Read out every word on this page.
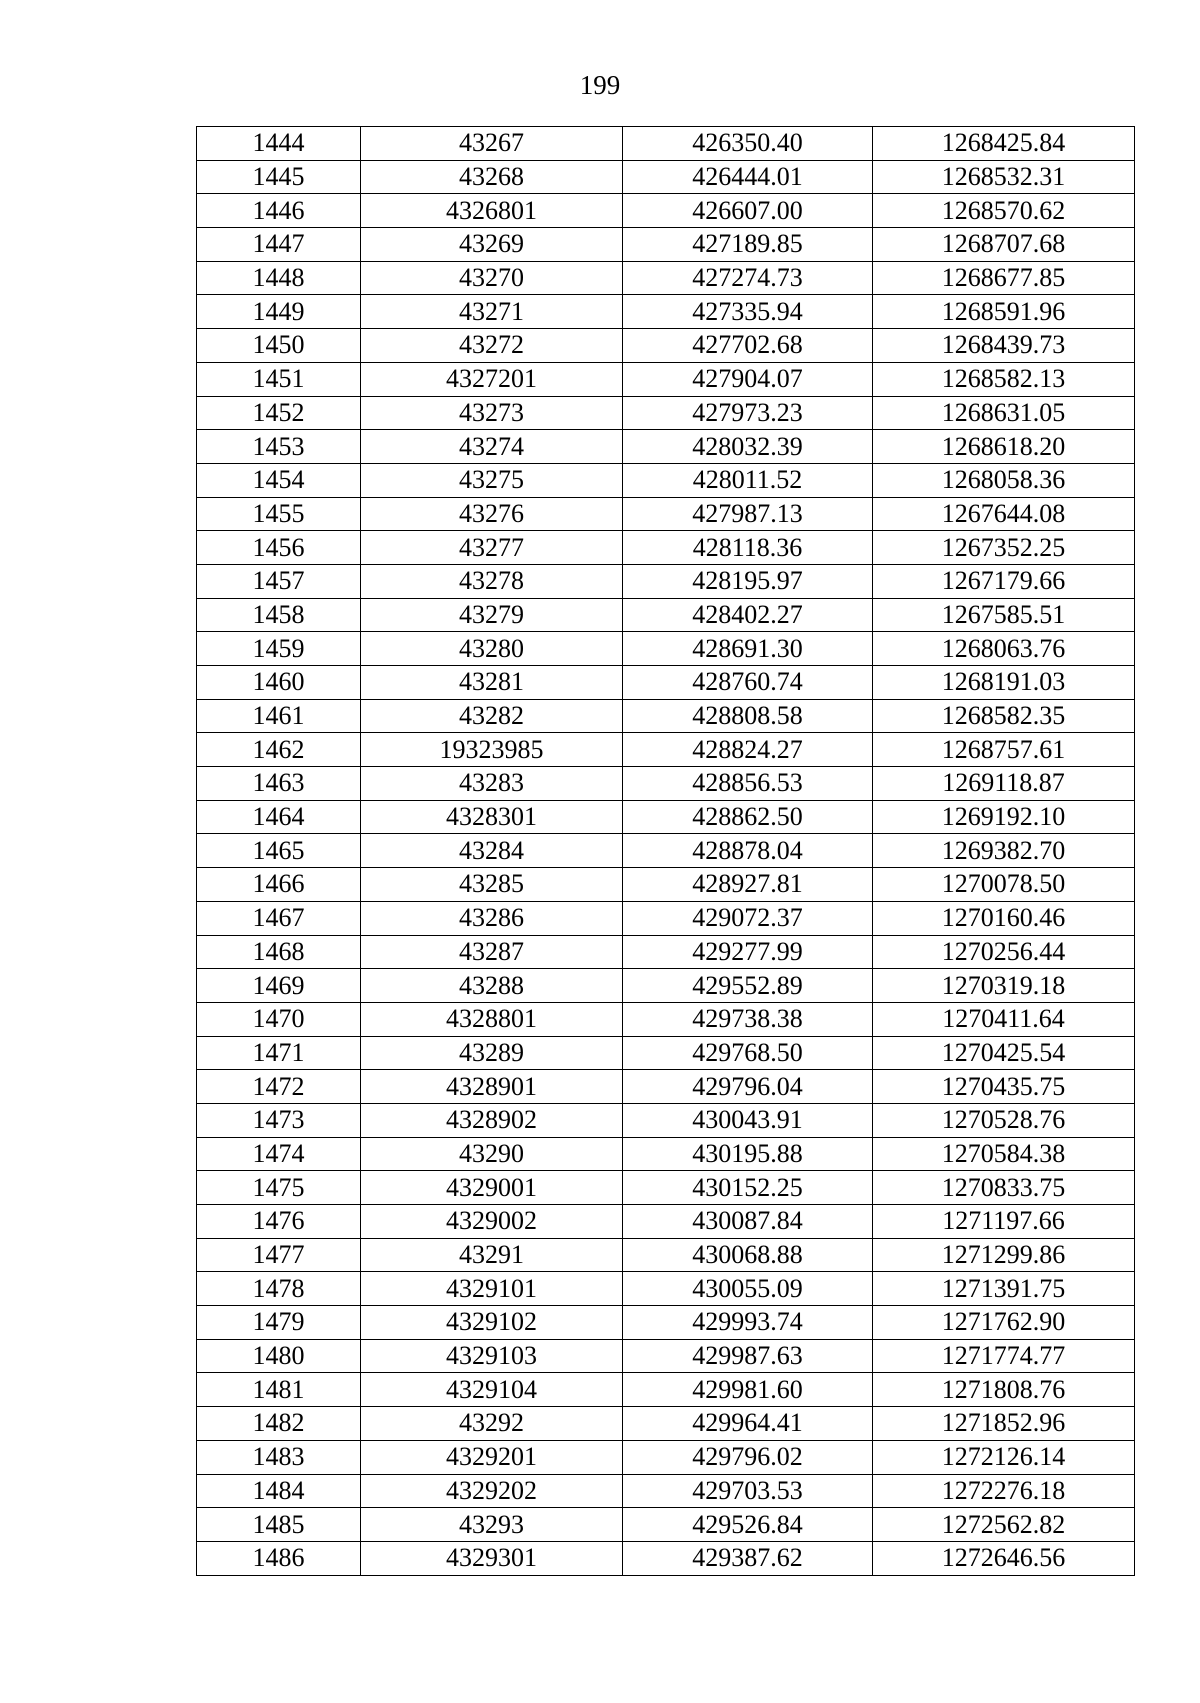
199
1444	43267	426350.40	1268425.84
1445	43268	426444.01	1268532.31
1446	4326801	426607.00	1268570.62
1447	43269	427189.85	1268707.68
1448	43270	427274.73	1268677.85
1449	43271	427335.94	1268591.96
1450	43272	427702.68	1268439.73
1451	4327201	427904.07	1268582.13
1452	43273	427973.23	1268631.05
1453	43274	428032.39	1268618.20
1454	43275	428011.52	1268058.36
1455	43276	427987.13	1267644.08
1456	43277	428118.36	1267352.25
1457	43278	428195.97	1267179.66
1458	43279	428402.27	1267585.51
1459	43280	428691.30	1268063.76
1460	43281	428760.74	1268191.03
1461	43282	428808.58	1268582.35
1462	19323985	428824.27	1268757.61
1463	43283	428856.53	1269118.87
1464	4328301	428862.50	1269192.10
1465	43284	428878.04	1269382.70
1466	43285	428927.81	1270078.50
1467	43286	429072.37	1270160.46
1468	43287	429277.99	1270256.44
1469	43288	429552.89	1270319.18
1470	4328801	429738.38	1270411.64
1471	43289	429768.50	1270425.54
1472	4328901	429796.04	1270435.75
1473	4328902	430043.91	1270528.76
1474	43290	430195.88	1270584.38
1475	4329001	430152.25	1270833.75
1476	4329002	430087.84	1271197.66
1477	43291	430068.88	1271299.86
1478	4329101	430055.09	1271391.75
1479	4329102	429993.74	1271762.90
1480	4329103	429987.63	1271774.77
1481	4329104	429981.60	1271808.76
1482	43292	429964.41	1271852.96
1483	4329201	429796.02	1272126.14
1484	4329202	429703.53	1272276.18
1485	43293	429526.84	1272562.82
1486	4329301	429387.62	1272646.56
